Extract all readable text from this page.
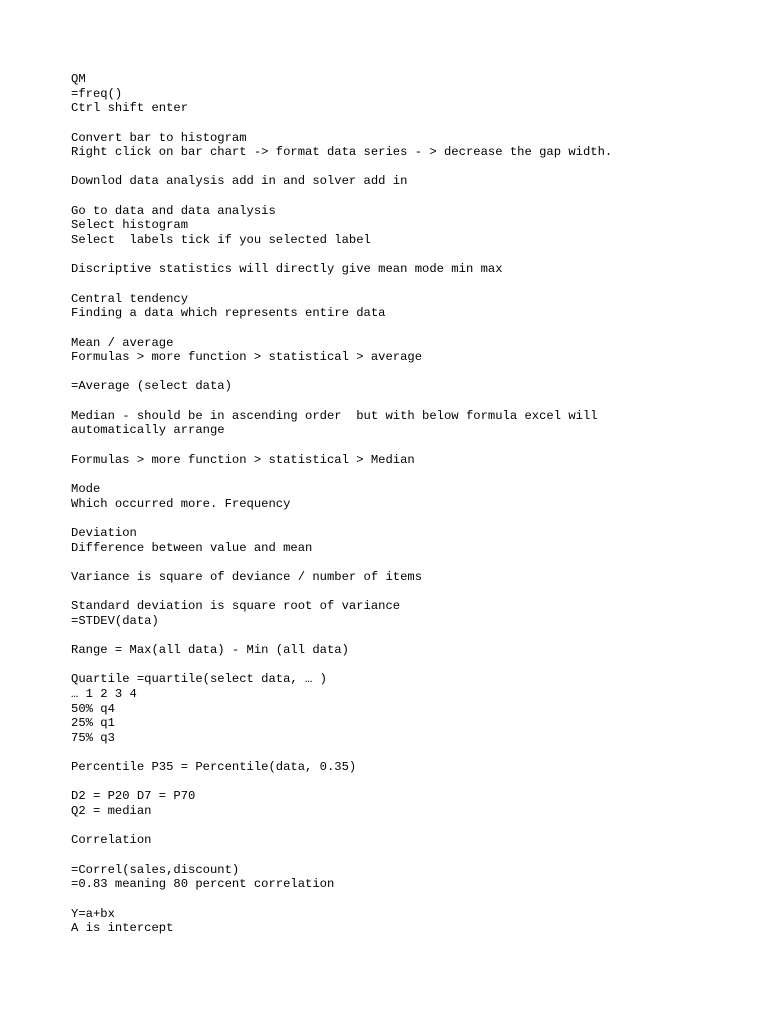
QM
=freq()
Ctrl shift enter
Convert bar to histogram
Right click on bar chart -> format data series - > decrease the gap width.
Downlod data analysis add in and solver add in
Go to data and data analysis
Select histogram
Select  labels tick if you selected label
Discriptive statistics will directly give mean mode min max
Central tendency
Finding a data which represents entire data
Mean / average
Formulas > more function > statistical > average
=Average (select data)
Median - should be in ascending order  but with below formula excel will
automatically arrange
Formulas > more function > statistical > Median
Mode
Which occurred more. Frequency
Deviation
Difference between value and mean
Variance is square of deviance / number of items
Standard deviation is square root of variance
=STDEV(data)
Range = Max(all data) - Min (all data)
Quartile =quartile(select data, … )
… 1 2 3 4
50% q4
25% q1
75% q3
Percentile P35 = Percentile(data, 0.35)
D2 = P20 D7 = P70
Q2 = median
Correlation
=Correl(sales,discount)
=0.83 meaning 80 percent correlation
Y=a+bx
A is intercept
